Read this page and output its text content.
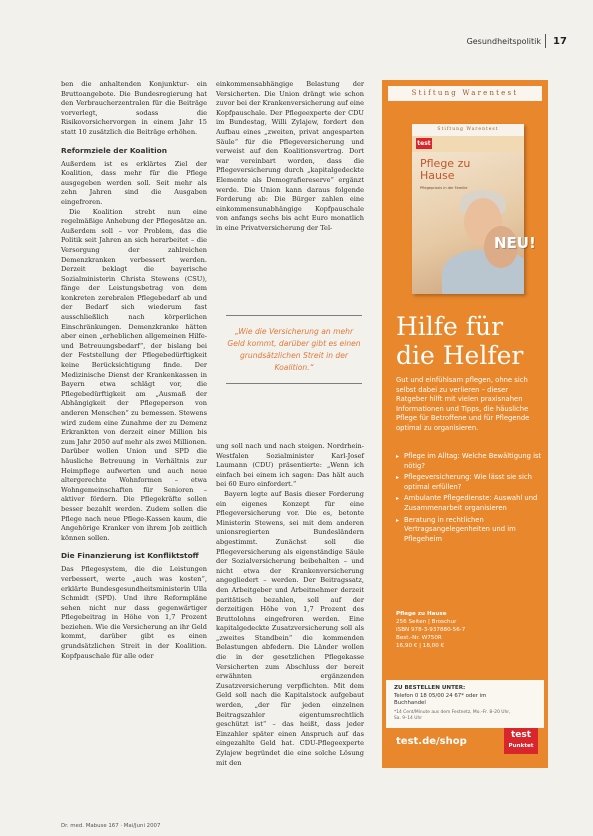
Gesundheitspolitik 17

ben die anhaltenden Konjunktur- ein Bruttoangebote. Die Bundesregierung hat den Verbraucherzentralen für die Beiträge vorverlegt, sodass die Risikovorsichervorgen in einem Jahr 15 statt 10 zusätzlich die Beiträge erhöhen.

Reformziele der Koalition

Außerdem ist es erklärtes Ziel der Koalition, dass mehr für die Pflege ausgegeben werden soll. Seit mehr als zehn Jahren sind die Ausgaben eingefroren.

Die Koalition strebt nun eine regelmäßige Anhebung der Pflegesätze an. Außerdem soll – vor Problem, das die Politik seit Jahren an sich herarbeitet – die Versorgung der zahlreichen Demenzkranken verbessert werden. Derzeit beklagt die bayerische Sozialministerin Christa Stewens (CSU), fänge der Leistungsbetrag von dem konkreten zerebralen Pflegebedarf ab und der Bedarf sich wiederum fast ausschließlich nach körperlichen Einschränkungen. Demenzkranke hätten aber einen „erheblichen allgemeinen Hilfe- und Betreuungsbedarf“, der bislang bei der Feststellung der Pflegebedürftigkeit keine Berücksichtigung finde. Der Medizinische Dienst der Krankenkassen in Bayern etwa schlägt vor, die Pflegebedürftigkeit am „Ausmaß der Abhängigkeit der Pflegeperson von anderen Menschen“ zu bemessen. Stewens wird zudem eine Zunahme der zu Demenz Erkrankten von derzeit einer Million bis zum Jahr 2050 auf mehr als zwei Millionen. Darüber wollen Union und SPD die häusliche Betreuung in Verhältnis zur Heimpflege aufwerten und auch neue altergerechte Wohnformen – etwa Wohngemeinschaften für Senioren – aktiver fördern. Die Pflegekräfte sollen besser bezahlt werden. Zudem sollen die Pflege nach neue Pflege-Kassen kaum, die Angehörige Kranker von ihrem Job zeitlich können sollen.

Die Finanzierung ist Konfliktstoff

Das Pflegesystem, die die Leistungen verbessert, werte „auch was kosten“, erklärte Bundesgesundheitsministerin Ulla Schmidt (SPD). Und ihre Reformpläne sehen nicht nur dass gegenwärtiger Pflegebeitrag in Höhe von 1,7 Prozent beziehen. Wie die Versicherung an ihr Geld kommt, darüber gibt es einen grundsätzlichen Streit in der Koalition. Kopfpauschale für alle oder

einkommensabhängige Belastung der Versicherten. Die Union drängt wie schon zuvor bei der Krankenversicherung auf eine Kopfpauschale. Der Pflegeexperte der CDU im Bundestag, Willi Zylajew, fordert den Aufbau eines „zweiten, privat angesparten Säule“ für die Pflegeversicherung und verweist auf den Koalitionsvertrag. Dort war vereinbart worden, dass die Pflegeversicherung durch „kapitalgedeckte Elemente als Demografiereserve“ ergänzt werde. Die Union kann daraus folgende Forderung ab: Die Bürger zahlen eine einkommensunabhängige Kopfpauschale von anfangs sechs bis acht Euro monatlich in eine Privatversicherung der Tel-

ung soll nach und nach steigen. Nordrhein-Westfalen Sozialminister Karl-Josef Laumann (CDU) präsentierte: „Wenn ich einfach bei einem ich sagen: Das hält auch bei 60 Euro einfordert.“

Bayern legte auf Basis dieser Forderung ein eigenes Konzept für eine Pflegeversicherung vor. Die es, betonte Ministerin Stewens, sei mit dem anderen unionsregierten Bundesländern abgestimmt. Zunächst soll die Pflegeversicherung als eigenständige Säule der Sozialversicherung beibehalten – und nicht etwa der Krankenversicherung angegliedert – werden. Der Beitragssatz, den Arbeitgeber und Arbeitnehmer derzeit paritätisch bezahlen, soll auf der derzeitigen Höhe von 1,7 Prozent des Bruttolohns eingefroren werden. Eine kapitalgedeckte Zusatzversicherung soll als „zweites Standbein“ die kommenden Belastungen abfedern. Die Länder wollen die in der gesetzlichen Pflegekasse Versicherten zum Abschluss der bereit erwähnten ergänzenden Zusatzversicherung verpflichten. Mit dem Geld soll nach die Kapitalstock aufgebaut werden, „der für jeden einzelnen Beitragszahler eigentumsrechtlich geschützt ist“ – das heißt, dass jeder Einzahler später einen Anspruch auf das eingezahlte Geld hat. CDU-Pflegeexperte Zylajew begründet die eine solche Lösung mit den

„Wie die Versicherung an mehr Geld kommt, darüber gibt es einen grundsätzlichen Streit in der Koalition.“
Stiftung Warentest
Stiftung Warentest
test
Pflege zu Hause
Pflegepraxis in der Familie
NEU!
Hilfe für die Helfer
Gut und einfühlsam pflegen, ohne sich selbst dabei zu verlieren – dieser Ratgeber hilft mit vielen praxisnahen Informationen und Tipps, die häusliche Pflege für Betroffene und für Pflegende optimal zu organisieren.
▸ Pflege im Alltag: Welche Bewältigung ist nötig?
▸ Pflegeversicherung: Wie lässt sie sich optimal erfüllen?
▸ Ambulante Pflegedienste: Auswahl und Zusammenarbeit organisieren
▸ Beratung in rechtlichen Vertragsangelegenheiten und im Pflegeheim
Pflege zu Hause
256 Seiten | Broschur
ISBN 978-3-937880-56-7
Best.-Nr. W750R
16,90 € | 18,00 €
ZU BESTELLEN UNTER:
Telefon 0 18 05/00 24 67* oder im Buchhandel
*14 Cent/Minute aus dem Festnetz, Mo.–Fr. 8–20 Uhr, Sa. 9–14 Uhr
test.de/shop
test
Punktet
Dr. med. Mabuse 167 · Mai/Juni 2007
